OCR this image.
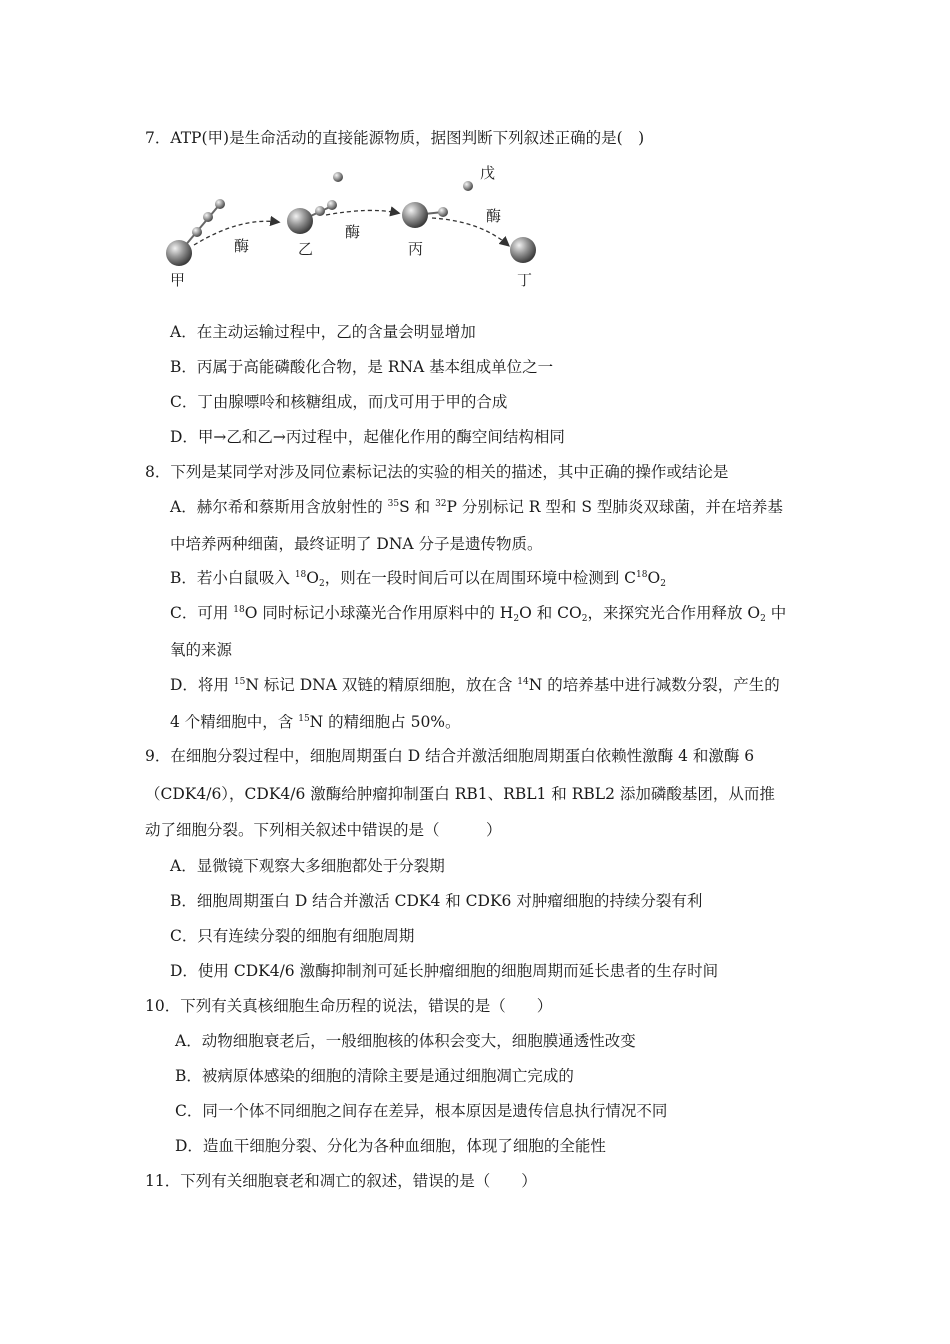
7．ATP(甲)是生命活动的直接能源物质，据图判断下列叙述正确的是(　)
甲
酶	乙
酶
丙
戊
酶
丁
A．在主动运输过程中，乙的含量会明显增加
B．丙属于高能磷酸化合物，是 RNA 基本组成单位之一
C．丁由腺嘌呤和核糖组成，而戊可用于甲的合成
D．甲→乙和乙→丙过程中，起催化作用的酶空间结构相同
8．下列是某同学对涉及同位素标记法的实验的相关的描述，其中正确的操作或结论是
A．赫尔希和蔡斯用含放射性的 $^{35}$S 和 $^{32}$P 分别标记 R 型和 S 型肺炎双球菌，并在培养基
中培养两种细菌，最终证明了 DNA 分子是遗传物质。
B．若小白鼠吸入 $^{18}O_2$，则在一段时间后可以在周围环境中检测到 $C^{18}O_2$
C．可用 $^{18}$O 同时标记小球藻光合作用原料中的 $H_2O$ 和 $CO_2$，来探究光合作用释放 $O_2$ 中
氧的来源
D．将用 $^{15}$N 标记 DNA 双链的精原细胞，放在含 $^{14}$N 的培养基中进行减数分裂，产生的
4 个精细胞中，含 $^{15}$N 的精细胞占 50%。
9．在细胞分裂过程中，细胞周期蛋白 D 结合并激活细胞周期蛋白依赖性激酶 4 和激酶 6
（CDK4/6），CDK4/6 激酶给肿瘤抑制蛋白 RB1、RBL1 和 RBL2 添加磷酸基团，从而推
动了细胞分裂。下列相关叙述中错误的是（　　　）
A．显微镜下观察大多细胞都处于分裂期
B．细胞周期蛋白 D 结合并激活 CDK4 和 CDK6 对肿瘤细胞的持续分裂有利
C．只有连续分裂的细胞有细胞周期
D．使用 CDK4/6 激酶抑制剂可延长肿瘤细胞的细胞周期而延长患者的生存时间
10．下列有关真核细胞生命历程的说法，错误的是（　　）
A．动物细胞衰老后，一般细胞核的体积会变大，细胞膜通透性改变
B．被病原体感染的细胞的清除主要是通过细胞凋亡完成的
C．同一个体不同细胞之间存在差异，根本原因是遗传信息执行情况不同
D．造血干细胞分裂、分化为各种血细胞，体现了细胞的全能性
11．下列有关细胞衰老和凋亡的叙述，错误的是（　　）
